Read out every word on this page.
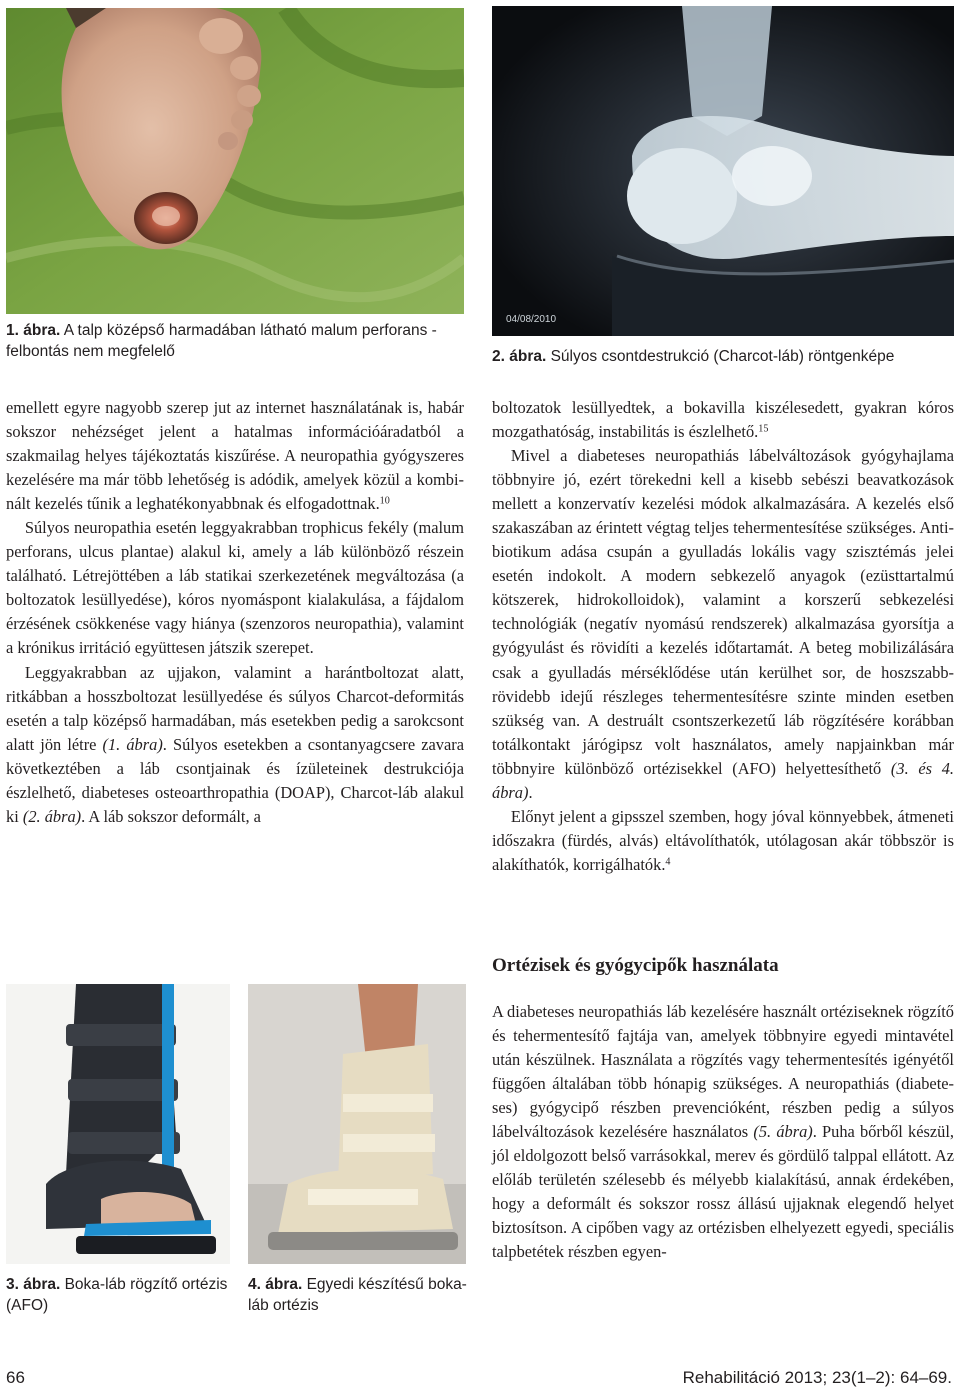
1. ábra. A talp középső harmadában látható malum perforans - felbontás nem megfelelő

04/08/2010

2. ábra. Súlyos csontdestrukció (Charcot-láb) röntgenképe

emellett egyre nagyobb szerep jut az internet használatának is, habár sokszor nehézséget jelent a hatalmas információáradatból a szakmailag helyes tájékoztatás kiszűrése. A neuropathia gyógyszeres kezelésére ma már több lehetőség is adódik, amelyek közül a kombinált kezelés tűnik a leghatékonyabbnak és elfogadottnak.$^{10}$

Súlyos neuropathia esetén leggyakrabban trophicus fekély (malum perforans, ulcus plantae) alakul ki, amely a láb különböző részein található. Létrejöttében a láb statikai szerkezetének megváltozása (a boltozatok lesüllyedése), kóros nyomáspont kialakulása, a fájdalom érzésének csökkenése vagy hiánya (szenzoros neuropathia), valamint a krónikus irritáció együttesen játszik szerepet.

Leggyakrabban az ujjakon, valamint a harántboltozat alatt, ritkábban a hosszboltozat lesüllyedése és súlyos Charcot-deformitás esetén a talp középső harmadában, más esetekben pedig a sarokcsont alatt jön létre (1. ábra). Súlyos esetekben a csontanyagcsere zavara következtében a láb csontjainak és ízületeinek destrukciója észlelhető, diabeteses osteoarthropathia (DOAP), Charcot-láb alakul ki (2. ábra). A láb sokszor deformált, a

boltozatok lesüllyedtek, a bokavilla kiszélesedett, gyakran kóros mozgathatóság, instabilitás is észlelhető.$^{15}$

Mivel a diabeteses neuropathiás lábelváltozások gyógyhajlama többnyire jó, ezért törekedni kell a kisebb sebészi beavatkozások mellett a konzervatív kezelési módok alkalmazására. A kezelés első szakaszában az érintett végtag teljes tehermentesítése szükséges. Antibiotikum adása csupán a gyulladás lokális vagy szisztémás jelei esetén indokolt. A modern sebkezelő anyagok (ezüsttartalmú kötszerek, hidrokolloidok), valamint a korszerű sebkezelési technológiák (negatív nyomású rendszerek) alkalmazása gyorsítja a gyógyulást és rövidíti a kezelés időtartamát. A beteg mobilizálására csak a gyulladás mérséklődése után kerülhet sor, de hoszszabb-rövidebb idejű részleges tehermentesítésre szinte minden esetben szükség van. A destruált csontszerkezetű láb rögzítésére korábban totálkontakt járógipsz volt használatos, amely napjainkban már többnyire különböző ortézisekkel (AFO) helyettesíthető (3. és 4. ábra).

Előnyt jelent a gipsszel szemben, hogy jóval könnyebbek, átmeneti időszakra (fürdés, alvás) eltávolíthatók, utólagosan akár többször is alakíthatók, korrigálhatók.$^4$

Ortézisek és gyógycipők használata

A diabeteses neuropathiás láb kezelésére használt ortéziseknek rögzítő és tehermentesítő fajtája van, amelyek többnyire egyedi mintavétel után készülnek. Használata a rögzítés vagy tehermentesítés igényétől függően általában több hónapig szükséges. A neuropathiás (diabeteses) gyógycipő részben prevencióként, részben pedig a súlyos lábelváltozások kezelésére használatos (5. ábra). Puha bőrből készül, jól eldolgozott belső varrásokkal, merev és gördülő talppal ellátott. Az előláb területén szélesebb és mélyebb kialakítású, annak érdekében, hogy a deformált és sokszor rossz állású ujjaknak elegendő helyet biztosítson. A cipőben vagy az ortézisben elhelyezett egyedi, speciális talpbetétek részben egyen-

3. ábra. Boka-láb rögzítő ortézis (AFO)

4. ábra. Egyedi készítésű boka-láb ortézis

66	Rehabilitáció 2013; 23(1–2): 64–69.
